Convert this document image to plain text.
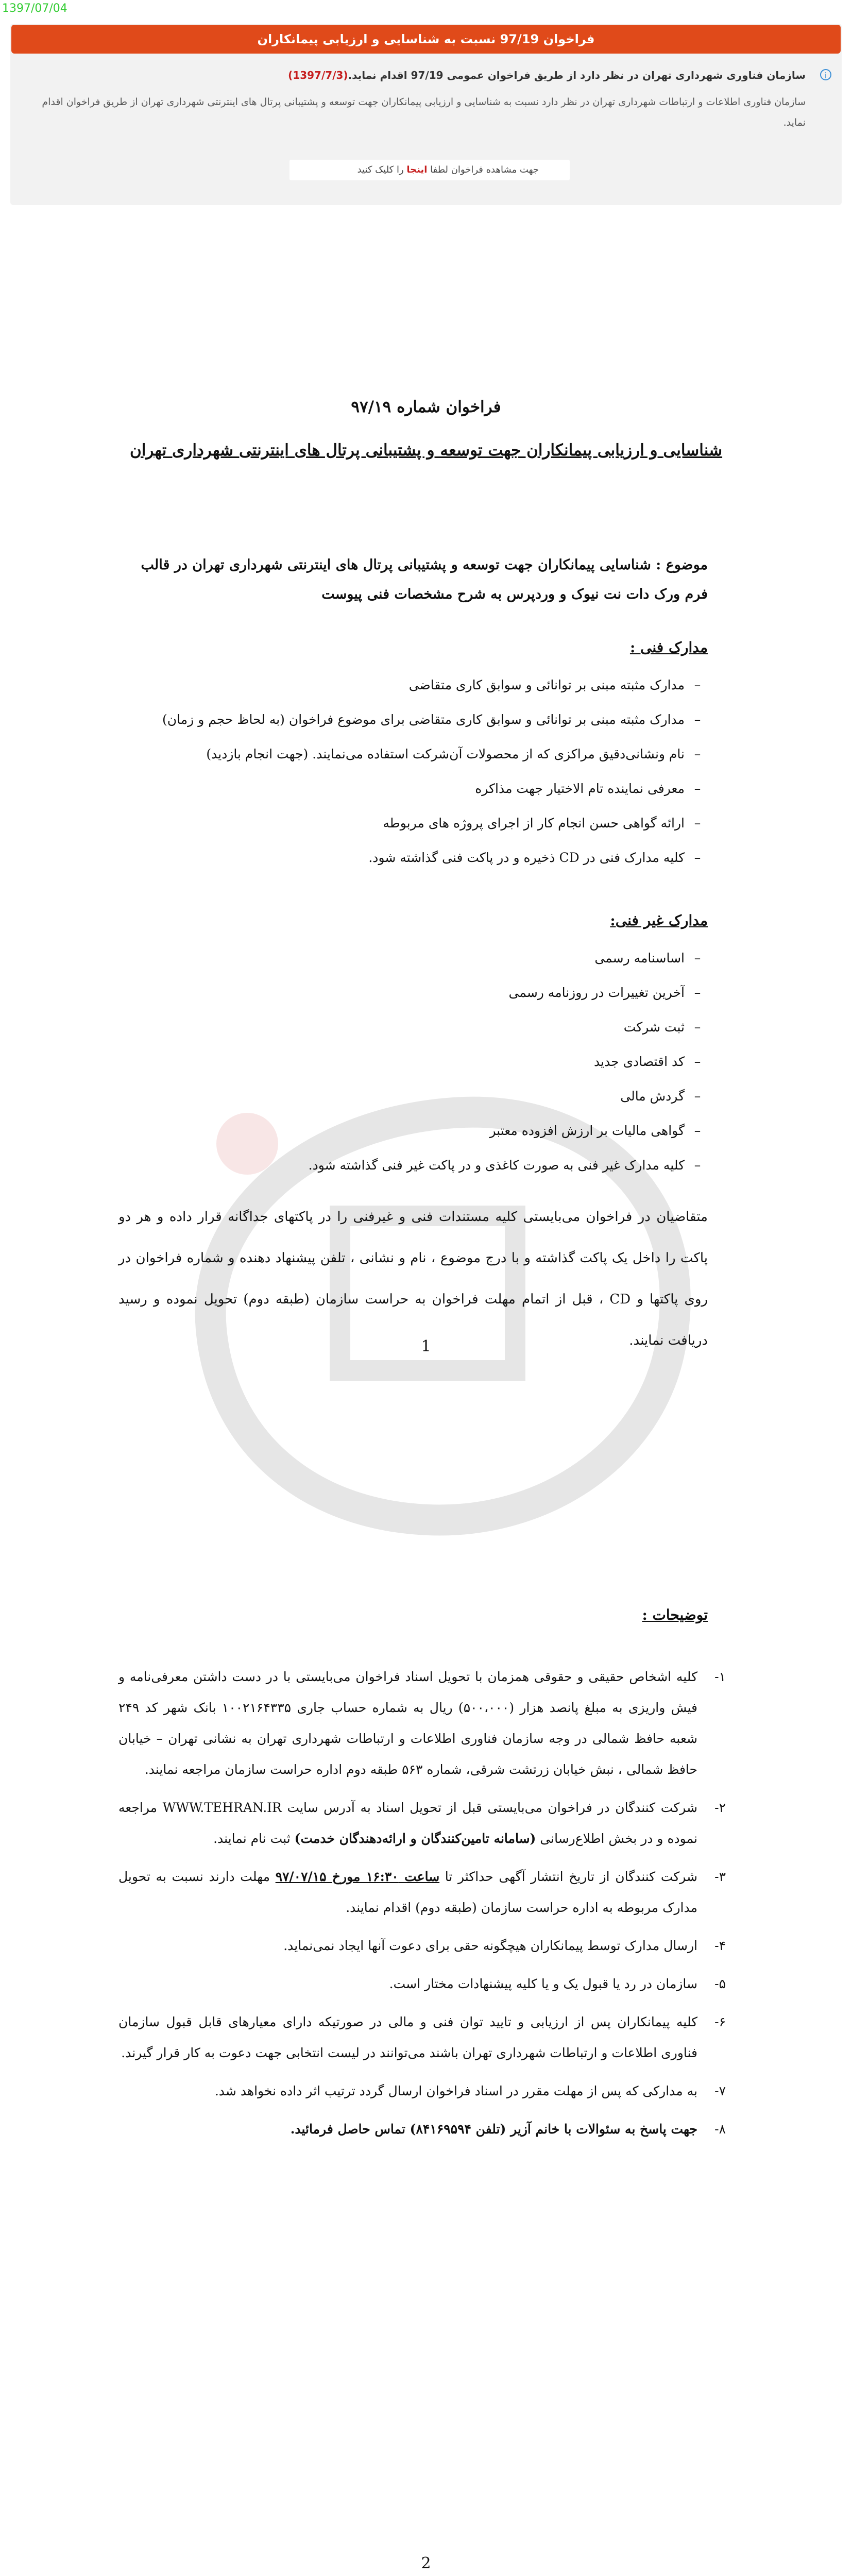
1397/07/04
فراخوان 97/19 نسبت به شناسایی و ارزیابی پیمانکاران
i
سازمان فناوری شهرداری تهران در نظر دارد از طریق فراخوان عمومی 97/19 اقدام نماید.(1397/7/3)
سازمان فناوری اطلاعات و ارتباطات شهرداری تهران در نظر دارد نسبت به شناسایی و ارزیابی پیمانکاران جهت توسعه و پشتیبانی پرتال های اینترنتی شهرداری تهران از طریق فراخوان اقدام نماید.
جهت مشاهده فراخوان لطفا اینجا را کلیک کنید
فراخوان شماره ۹۷/۱۹
شناسایی و ارزیابی پیمانکاران جهت توسعه و پشتیبانی پرتال های اینترنتی شهرداری تهران
موضوع : شناسایی پیمانکاران جهت توسعه و پشتیبانی پرتال های اینترنتی شهرداری تهران در قالب فرم ورک دات نت نیوک و وردپرس به شرح مشخصات فنی پیوست
مدارک فنی :
–مدارک مثبته مبنی بر توانائی و سوابق کاری متقاضی
–مدارک مثبته مبنی بر توانائی و سوابق کاری متقاضی برای موضوع فراخوان (به لحاظ حجم و زمان)
–نام ونشانی‌دقیق مراکزی که از محصولات آن‌شرکت استفاده می‌نمایند. (جهت انجام بازدید)
–معرفی نماینده تام الاختیار جهت مذاکره
–ارائه گواهی حسن انجام کار از اجرای پروژه های مربوطه
–کلیه مدارک فنی در CD ذخیره و در پاکت فنی گذاشته شود.
مدارک غیر فنی:
–اساسنامه رسمی
–آخرین تغییرات در روزنامه رسمی
–ثبت شرکت
–کد اقتصادی جدید
–گردش مالی
–گواهی مالیات بر ارزش افزوده معتبر
–کلیه مدارک غیر فنی به صورت کاغذی و در پاکت غیر فنی گذاشته شود.
متقاضیان در فراخوان می‌بایستی کلیه مستندات فنی و غیرفنی را در پاکتهای جداگانه قرار داده و هر دو پاکت را داخل یک پاکت گذاشته و با درج موضوع ، نام و نشانی ، تلفن پیشنهاد دهنده و شماره فراخوان در روی پاکتها و CD ، قبل از اتمام مهلت فراخوان به حراست سازمان (طبقه دوم) تحویل نموده و رسید دریافت نمایند.
1
توضیحات :
۱-
کلیه اشخاص حقیقی و حقوقی همزمان با تحویل اسناد فراخوان می‌بایستی با در دست داشتن معرفی‌نامه و فیش واریزی به مبلغ پانصد هزار (۵۰۰،۰۰۰) ریال به شماره حساب جاری ۱۰۰۲۱۶۴۳۳۵ بانک شهر کد ۲۴۹ شعبه حافظ شمالی در وجه سازمان فناوری اطلاعات و ارتباطات شهرداری تهران به نشانی تهران – خیابان حافظ شمالی ، نبش خیابان زرتشت شرقی، شماره ۵۶۳ طبقه دوم اداره حراست سازمان مراجعه نمایند.
۲-
شرکت کنندگان در فراخوان می‌بایستی قبل از تحویل اسناد به آدرس سایت WWW.TEHRAN.IR مراجعه نموده و در بخش اطلاع‌رسانی (سامانه تامین‌کنندگان و ارائه‌دهندگان خدمت) ثبت نام نمایند.
۳-
شرکت کنندگان از تاریخ انتشار آگهی حداکثر تا ساعت ۱۶:۳۰ مورخ ۹۷/۰۷/۱۵ مهلت دارند نسبت به تحویل مدارک مربوطه به اداره حراست سازمان (طبقه دوم) اقدام نمایند.
۴-
ارسال مدارک توسط پیمانکاران هیچگونه حقی برای دعوت آنها ایجاد نمی‌نماید.
۵-
سازمان در رد یا قبول یک و یا کلیه پیشنهادات مختار است.
۶-
کلیه پیمانکاران پس از ارزیابی و تایید توان فنی و مالی در صورتیکه دارای معیارهای قابل قبول سازمان فناوری اطلاعات و ارتباطات شهرداری تهران باشند می‌توانند در لیست انتخابی جهت دعوت به کار قرار گیرند.
۷-
به مدارکی که پس از مهلت مقرر در اسناد فراخوان ارسال گردد ترتیب اثر داده نخواهد شد.
۸-
جهت پاسخ به سئوالات با خانم آزیر (تلفن ۸۴۱۶۹۵۹۴) تماس حاصل فرمائید.
2
